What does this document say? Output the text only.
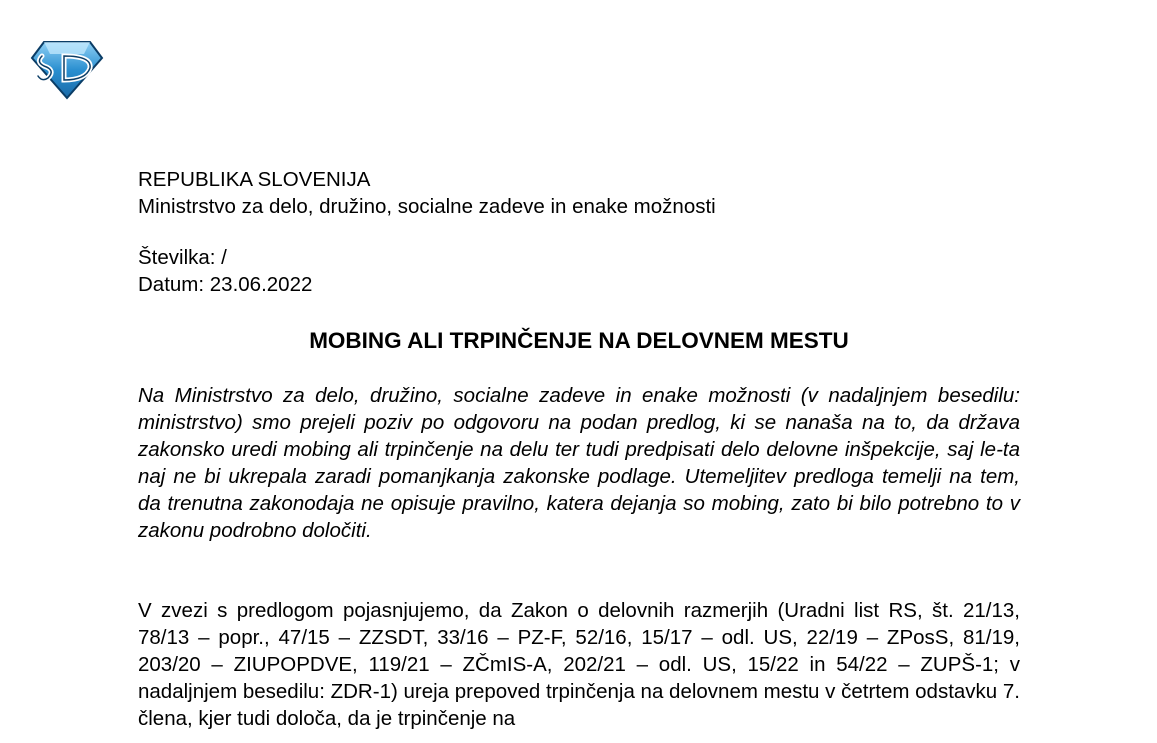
REPUBLIKA SLOVENIJA
Ministrstvo za delo, družino, socialne zadeve in enake možnosti
Številka: /
Datum: 23.06.2022
MOBING ALI TRPINČENJE NA DELOVNEM MESTU

Na Ministrstvo za delo, družino, socialne zadeve in enake možnosti (v nadaljnjem besedilu: ministrstvo) smo prejeli poziv po odgovoru na podan predlog, ki se nanaša na to, da država zakonsko uredi mobing ali trpinčenje na delu ter tudi predpisati delo delovne inšpekcije, saj le-ta naj ne bi ukrepala zaradi pomanjkanja zakonske podlage. Utemeljitev predloga temelji na tem, da trenutna zakonodaja ne opisuje pravilno, katera dejanja so mobing, zato bi bilo potrebno to v zakonu podrobno določiti.

V zvezi s predlogom pojasnjujemo, da Zakon o delovnih razmerjih (Uradni list RS, št. 21/13, 78/13 – popr., 47/15 – ZZSDT, 33/16 – PZ-F, 52/16, 15/17 – odl. US, 22/19 – ZPosS, 81/19, 203/20 – ZIUPOPDVE, 119/21 – ZČmIS-A, 202/21 – odl. US, 15/22 in 54/22 – ZUPŠ-1; v nadaljnjem besedilu: ZDR-1) ureja prepoved trpinčenja na delovnem mestu v četrtem odstavku 7. člena, kjer tudi določa, da je trpinčenje na
